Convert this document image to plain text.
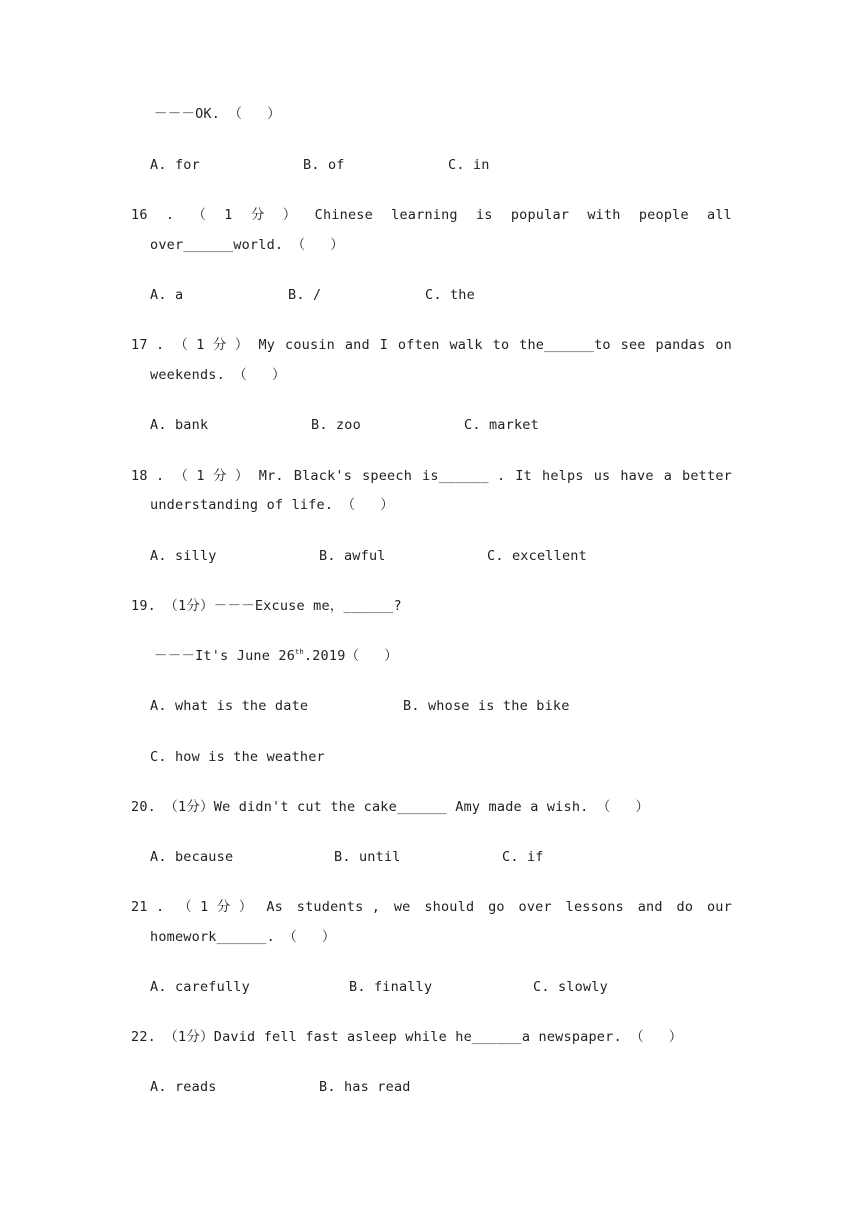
－－－OK. （   ）
A. for	B. of	C. in
16 . （ 1 分 ） Chinese learning is popular with people all
over______world. （   ）
A. a	B. /	C. the
17 . （ 1 分 ） My cousin and I often walk to the______to see pandas on
weekends. （   ）
A. bank	B. zoo	C. market
18 . （ 1 分 ） Mr. Black's speech is______ . It helps us have a better
understanding of life. （   ）
A. silly	B. awful	C. excellent
19. （1分）－－－Excuse me，______?
－－－It's June 26th.2019（   ）
A. what is the date	B. whose is the bike
C. how is the weather
20. （1分）We didn't cut the cake______ Amy made a wish. （   ）
A. because	B. until	C. if
21 . （ 1 分 ） As students , we should go over lessons and do our
homework______. （   ）
A. carefully	B. finally	C. slowly
22. （1分）David fell fast asleep while he______a newspaper. （   ）
A. reads	B. has read
